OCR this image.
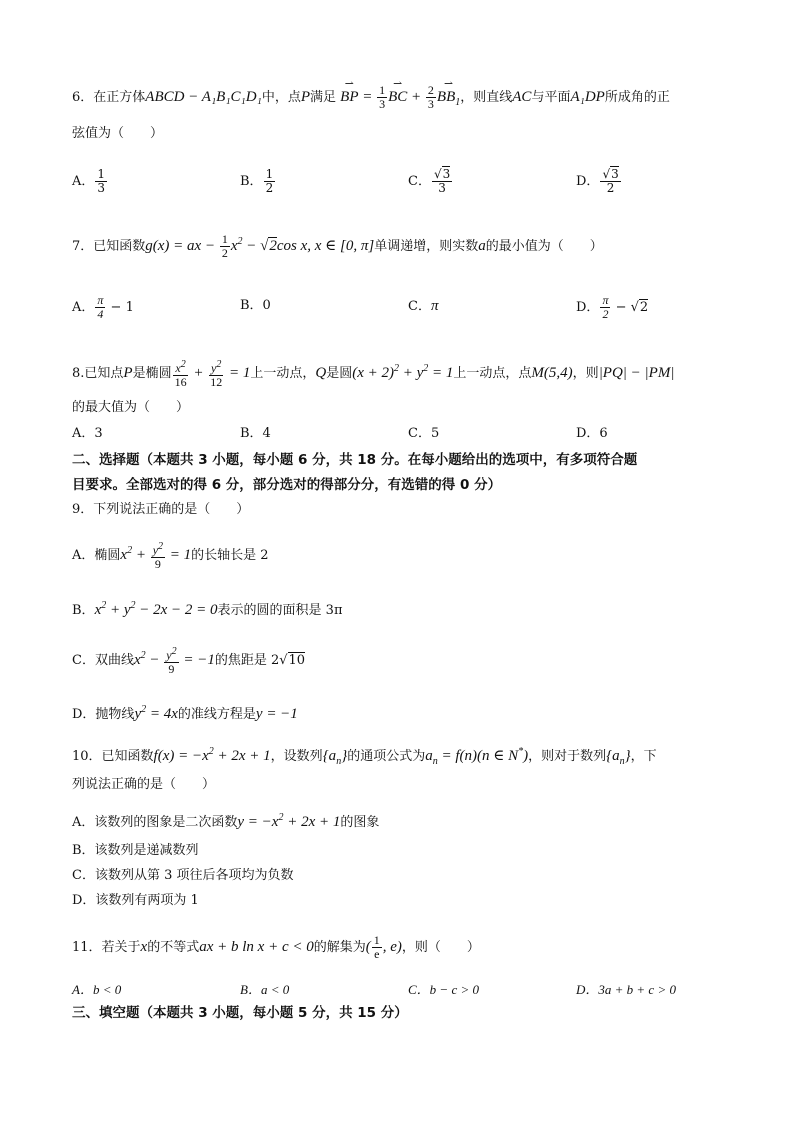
6．在正方体ABCD − A₁B₁C₁D₁中，点P满足 ⇀ BP = $\frac{1}{3}$ ⇀ BC + $\frac{2}{3}$ ⇀ $BB_1$，则直线AC与平面A₁DP所成角的正
弦值为（　　）
A． $\frac{1}{3}$	B． $\frac{1}{2}$	C． $\frac{√3}{3}$	D． $\frac{√3}{2}$
7．已知函数g(x) = ax − $\frac{1}{2} x^2 - √2\cos$ x, x ∈ [0, π]单调递增，则实数a的最小值为（　　）
A． $\frac{\pi}{4} - 1$	B．0	C．π	D． $\frac{\pi}{2} - √2$
8.已知点P是椭圆 $\frac{x^2}{16} + \frac{y^2}{12} = 1$上一动点，Q是圆$(x + 2)^2 + y^2 = 1$上一动点，点M(5,4)，则|PQ| − |PM|
的最大值为（　　）
A．3	B．4	C．5	D．6
二、选择题（本题共 3 小题，每小题 6 分，共 18 分。在每小题给出的选项中，有多项符合题
目要求。全部选对的得 6 分，部分选对的得部分分，有选错的得 0 分）
9．下列说法正确的是（　　）
A．椭圆$x^2 + \frac{y^2}{9} = 1$的长轴长是 2
B．$x^2 + y^2 - 2x - 2 = 0$表示的圆的面积是 3π
C．双曲线$x^2 - \frac{y^2}{9} = -1$的焦距是 2√10
D．抛物线$y^2 = 4x$的准线方程是y = −1
10．已知函数$f(x) = -x^2 + 2x + 1$，设数列$\{a_n\}$的通项公式为$a_n = f(n)(n$ ∈ N*)，则对于数列$\{a_n\}$，下
列说法正确的是（　　）
A．该数列的图象是二次函数$y = -x^2 + 2x + 1$的图象
B．该数列是递减数列
C．该数列从第 3 项往后各项均为负数
D．该数列有两项为 1
11．若关于x的不等式ax + b ln x + c < 0的解集为( $\frac{1}{e}$ , e)，则（　　）
A．b < 0	B．a < 0	C．b − c > 0	D．3a + b + c > 0
三、填空题（本题共 3 小题，每小题 5 分，共 15 分）
